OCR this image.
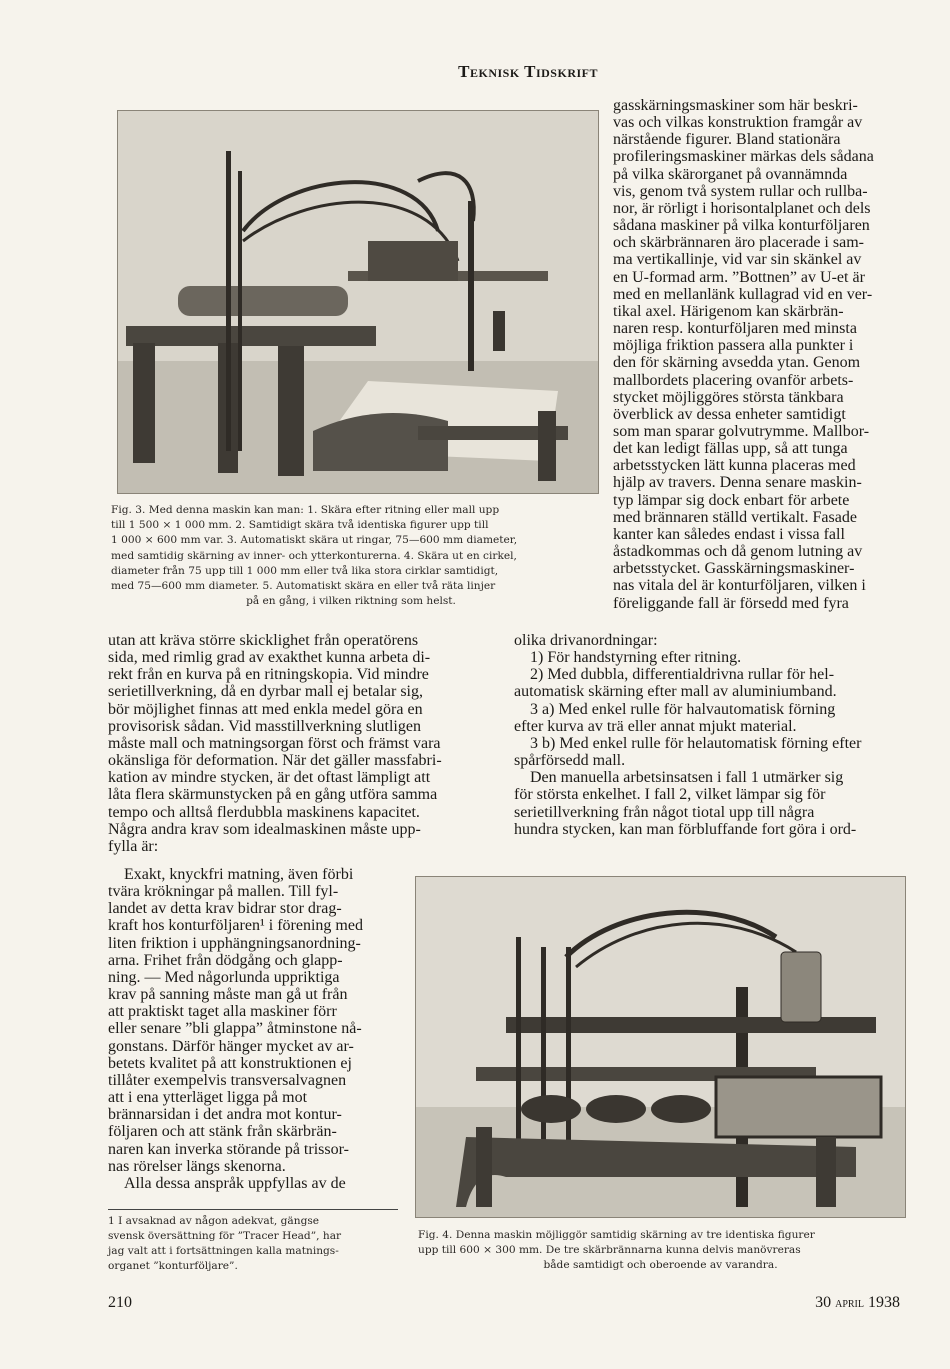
Teknisk Tidskrift
Fig. 3. Med denna maskin kan man: 1. Skära efter ritning eller mall upp
till 1 500 × 1 000 mm. 2. Samtidigt skära två identiska figurer upp till
1 000 × 600 mm var. 3. Automatiskt skära ut ringar, 75—600 mm diameter,
med samtidig skärning av inner- och ytterkonturerna. 4. Skära ut en cirkel,
diameter från 75 upp till 1 000 mm eller två lika stora cirklar samtidigt,
med 75—600 mm diameter. 5. Automatiskt skära en eller två räta linjer
på en gång, i vilken riktning som helst.

gasskärningsmaskiner som här beskri-

vas och vilkas konstruktion framgår av

närstående figurer. Bland stationära

profileringsmaskiner märkas dels sådana

på vilka skärorganet på ovannämnda

vis, genom två system rullar och rullba-

nor, är rörligt i horisontalplanet och dels

sådana maskiner på vilka konturföljaren

och skärbrännaren äro placerade i sam-

ma vertikallinje, vid var sin skänkel av

en U-formad arm. ”Bottnen” av U-et är

med en mellanlänk kullagrad vid en ver-

tikal axel. Härigenom kan skärbrän-

naren resp. konturföljaren med minsta

möjliga friktion passera alla punkter i

den för skärning avsedda ytan. Genom

mallbordets placering ovanför arbets-

stycket möjliggöres största tänkbara

överblick av dessa enheter samtidigt

som man sparar golvutrymme. Mallbor-

det kan ledigt fällas upp, så att tunga

arbetsstycken lätt kunna placeras med

hjälp av travers. Denna senare maskin-

typ lämpar sig dock enbart för arbete

med brännaren ställd vertikalt. Fasade

kanter kan således endast i vissa fall

åstadkommas och då genom lutning av

arbetsstycket. Gasskärningsmaskiner-

nas vitala del är konturföljaren, vilken i

föreliggande fall är försedd med fyra

olika drivanordningar:

1) För handstyrning efter ritning.

2) Med dubbla, differentialdrivna rullar för hel-

automatisk skärning efter mall av aluminiumband.

3 a) Med enkel rulle för halvautomatisk förning

efter kurva av trä eller annat mjukt material.

3 b) Med enkel rulle för helautomatisk förning efter

spårförsedd mall.

Den manuella arbetsinsatsen i fall 1 utmärker sig

för största enkelhet. I fall 2, vilket lämpar sig för

serietillverkning från något tiotal upp till några

hundra stycken, kan man förbluffande fort göra i ord-

utan att kräva större skicklighet från operatörens

sida, med rimlig grad av exakthet kunna arbeta di-

rekt från en kurva på en ritningskopia. Vid mindre

serietillverkning, då en dyrbar mall ej betalar sig,

bör möjlighet finnas att med enkla medel göra en

provisorisk sådan. Vid masstillverkning slutligen

måste mall och matningsorgan först och främst vara

okänsliga för deformation. När det gäller massfabri-

kation av mindre stycken, är det oftast lämpligt att

låta flera skärmunstycken på en gång utföra samma

tempo och alltså flerdubbla maskinens kapacitet.

Några andra krav som idealmaskinen måste upp-

fylla är:

Exakt, knyckfri matning, även förbi

tvära krökningar på mallen. Till fyl-

landet av detta krav bidrar stor drag-

kraft hos konturföljaren¹ i förening med

liten friktion i upphängningsanordning-

arna. Frihet från dödgång och glapp-

ning. — Med någorlunda uppriktiga

krav på sanning måste man gå ut från

att praktiskt taget alla maskiner förr

eller senare ”bli glappa” åtminstone nå-

gonstans. Därför hänger mycket av ar-

betets kvalitet på att konstruktionen ej

tillåter exempelvis transversalvagnen

att i ena ytterläget ligga på mot

brännarsidan i det andra mot kontur-

följaren och att stänk från skärbrän-

naren kan inverka störande på trissor-

nas rörelser längs skenorna.

Alla dessa anspråk uppfyllas av de

1 I avsaknad av någon adekvat, gängse
svensk översättning för ”Tracer Head”, har
jag valt att i fortsättningen kalla matnings-
organet ”konturföljare”.
Fig. 4. Denna maskin möjliggör samtidig skärning av tre identiska figurer
upp till 600 × 300 mm. De tre skärbrännarna kunna delvis manövreras
både samtidigt och oberoende av varandra.
210	30 april 1938
